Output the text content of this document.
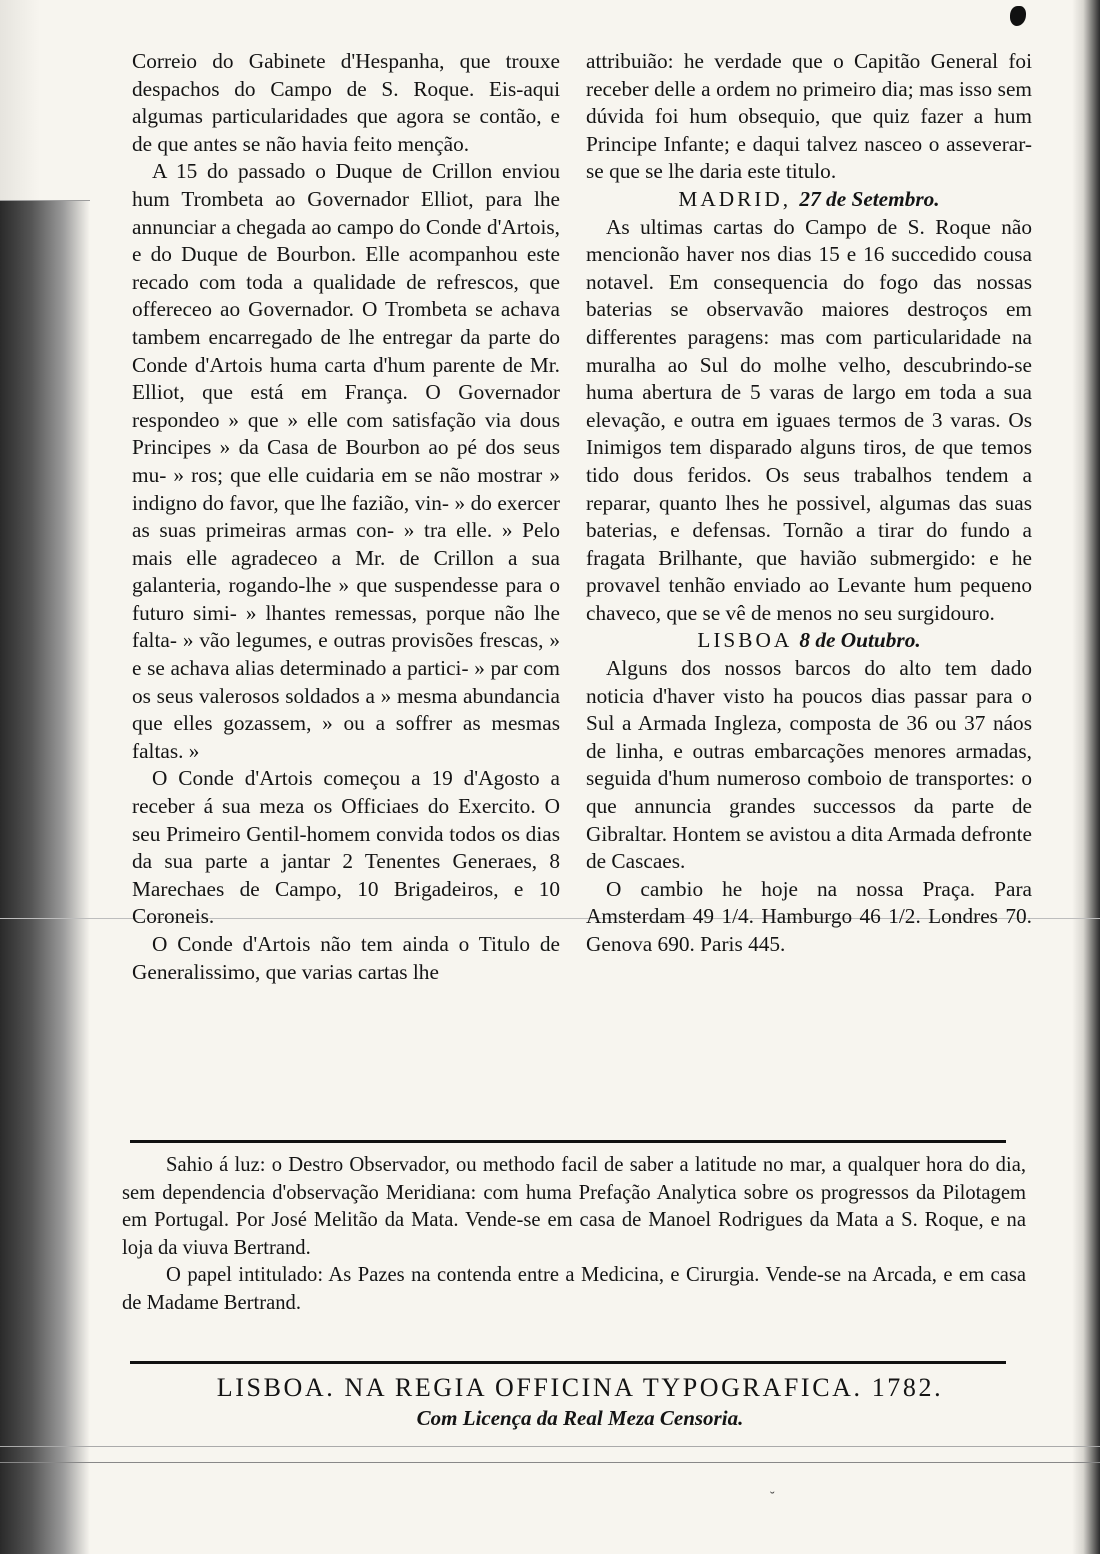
Correio do Gabinete d'Hespanha, que trouxe despachos do Campo de S. Roque. Eis-aqui algumas particularidades que agora se contão, e de que antes se não havia feito menção.

A 15 do passado o Duque de Crillon enviou hum Trombeta ao Governador Elliot, para lhe annunciar a chegada ao campo do Conde d'Artois, e do Duque de Bourbon. Elle acompanhou este recado com toda a qualidade de refrescos, que offereceo ao Governador. O Trombeta se achava tambem encarregado de lhe entregar da parte do Conde d'Artois huma carta d'hum parente de Mr. Elliot, que está em França. O Governador respondeo » que » elle com satisfação via dous Principes » da Casa de Bourbon ao pé dos seus mu- » ros; que elle cuidaria em se não mostrar » indigno do favor, que lhe fazião, vin- » do exercer as suas primeiras armas con- » tra elle. » Pelo mais elle agradeceo a Mr. de Crillon a sua galanteria, rogando-lhe » que suspendesse para o futuro simi- » lhantes remessas, porque não lhe falta- » vão legumes, e outras provisões frescas, » e se achava alias determinado a partici- » par com os seus valerosos soldados a » mesma abundancia que elles gozassem, » ou a soffrer as mesmas faltas. »

O Conde d'Artois começou a 19 d'Agosto a receber á sua meza os Officiaes do Exercito. O seu Primeiro Gentil-homem convida todos os dias da sua parte a jantar 2 Tenentes Generaes, 8 Marechaes de Campo, 10 Brigadeiros, e 10 Coroneis.

O Conde d'Artois não tem ainda o Titulo de Generalissimo, que varias cartas lhe

attribuião: he verdade que o Capitão General foi receber delle a ordem no primeiro dia; mas isso sem dúvida foi hum obsequio, que quiz fazer a hum Principe Infante; e daqui talvez nasceo o asseverar-se que se lhe daria este titulo.

MADRID, 27 de Setembro.

As ultimas cartas do Campo de S. Roque não mencionão haver nos dias 15 e 16 succedido cousa notavel. Em consequencia do fogo das nossas baterias se observavão maiores destroços em differentes paragens: mas com particularidade na muralha ao Sul do molhe velho, descubrindo-se huma abertura de 5 varas de largo em toda a sua elevação, e outra em iguaes termos de 3 varas. Os Inimigos tem disparado alguns tiros, de que temos tido dous feridos. Os seus trabalhos tendem a reparar, quanto lhes he possivel, algumas das suas baterias, e defensas. Tornão a tirar do fundo a fragata Brilhante, que havião submergido: e he provavel tenhão enviado ao Levante hum pequeno chaveco, que se vê de menos no seu surgidouro.

LISBOA 8 de Outubro.

Alguns dos nossos barcos do alto tem dado noticia d'haver visto ha poucos dias passar para o Sul a Armada Ingleza, composta de 36 ou 37 náos de linha, e outras embarcações menores armadas, seguida d'hum numeroso comboio de transportes: o que annuncia grandes successos da parte de Gibraltar. Hontem se avistou a dita Armada defronte de Cascaes.

O cambio he hoje na nossa Praça. Para Amsterdam 49 1/4. Hamburgo 46 1/2. Londres 70. Genova 690. Paris 445.

Sahio á luz: o Destro Observador, ou methodo facil de saber a latitude no mar, a qualquer hora do dia, sem dependencia d'observação Meridiana: com huma Prefação Analytica sobre os progressos da Pilotagem em Portugal. Por José Melitão da Mata. Vende-se em casa de Manoel Rodrigues da Mata a S. Roque, e na loja da viuva Bertrand.

O papel intitulado: As Pazes na contenda entre a Medicina, e Cirurgia. Vende-se na Arcada, e em casa de Madame Bertrand.

LISBOA. NA REGIA OFFICINA TYPOGRAFICA. 1782.
Com Licença da Real Meza Censoria.
˘
